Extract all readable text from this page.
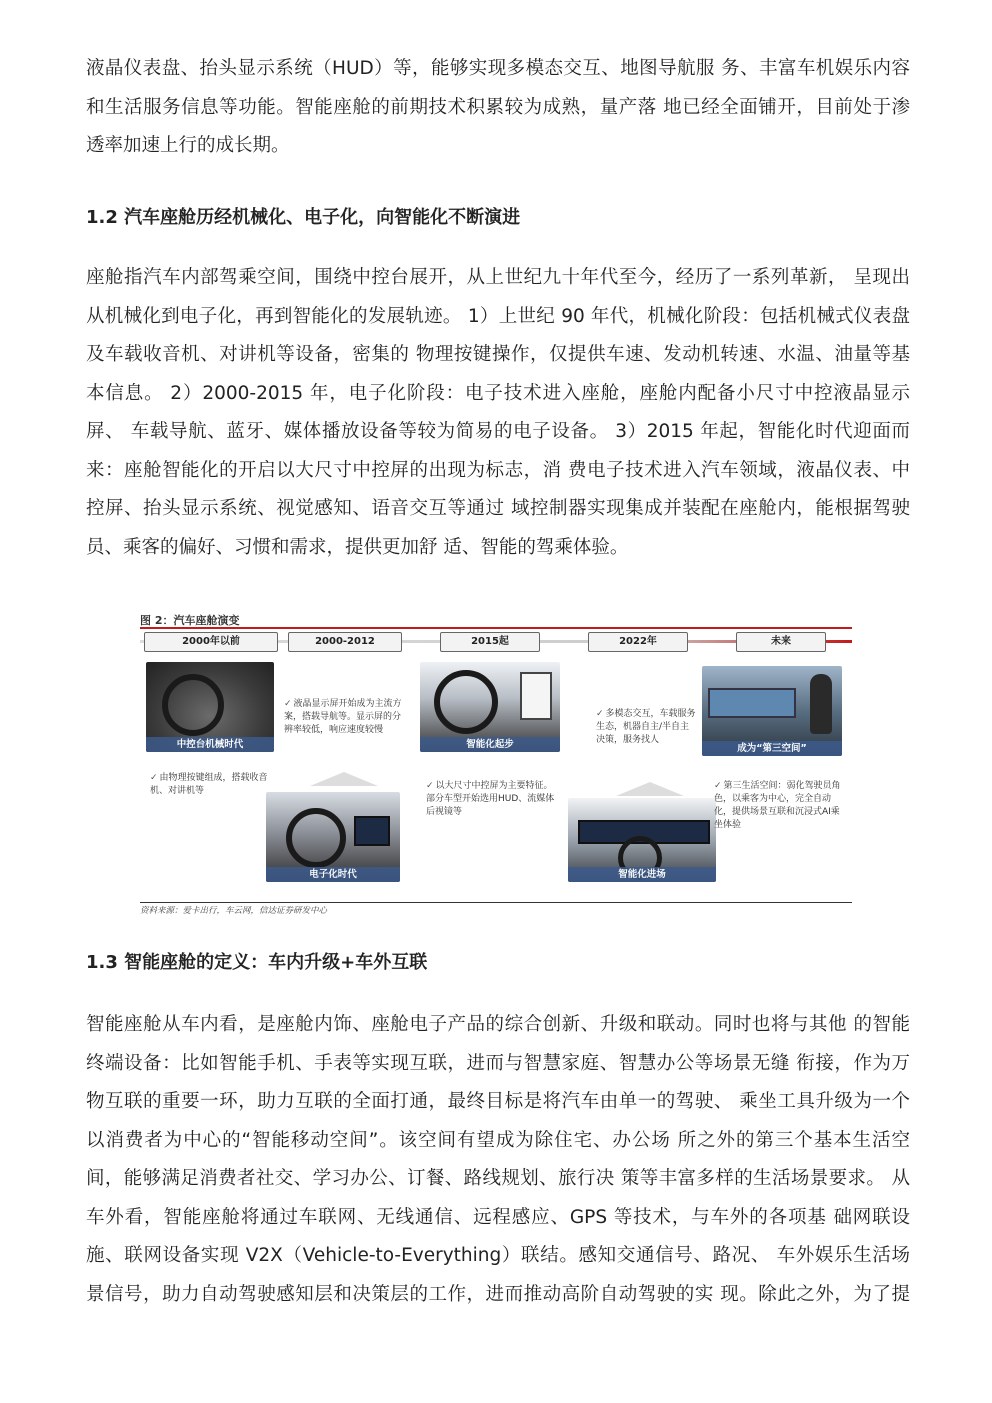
液晶仪表盘、抬头显示系统（HUD）等，能够实现多模态交互、地图导航服 务、丰富车机娱乐内容
和生活服务信息等功能。智能座舱的前期技术积累较为成熟，量产落 地已经全面铺开，目前处于渗
透率加速上行的成长期。
1.2 汽车座舱历经机械化、电子化，向智能化不断演进
座舱指汽车内部驾乘空间，围绕中控台展开，从上世纪九十年代至今，经历了一系列革新， 呈现出
从机械化到电子化，再到智能化的发展轨迹。 1）上世纪 90 年代，机械化阶段：包括机械式仪表盘
及车载收音机、对讲机等设备，密集的 物理按键操作，仅提供车速、发动机转速、水温、油量等基
本信息。 2）2000-2015 年，电子化阶段：电子技术进入座舱，座舱内配备小尺寸中控液晶显示
屏、 车载导航、蓝牙、媒体播放设备等较为简易的电子设备。 3）2015 年起，智能化时代迎面而
来：座舱智能化的开启以大尺寸中控屏的出现为标志，消 费电子技术进入汽车领域，液晶仪表、中
控屏、抬头显示系统、视觉感知、语音交互等通过 域控制器实现集成并装配在座舱内，能根据驾驶
员、乘客的偏好、习惯和需求，提供更加舒 适、智能的驾乘体验。
图 2：汽车座舱演变
2000年以前	2000-2012	2015起	2022年	未来
中控台机械时代
✓ 由物理按键组成，搭载收音机、对讲机等
✓ 液晶显示屏开始成为主流方案，搭载导航等。显示屏的分辨率较低，响应速度较慢
电子化时代
智能化起步
✓ 以大尺寸中控屏为主要特征。部分车型开始选用HUD、流媒体后视镜等
✓ 多模态交互，车载服务生态，机器自主/半自主决策，服务找人
智能化进场
成为“第三空间”
✓ 第三生活空间：弱化驾驶员角色，以乘客为中心，完全自动化，提供场景互联和沉浸式AI乘坐体验
资料来源：爱卡出行，车云网，信达证券研发中心
1.3 智能座舱的定义：车内升级+车外互联
智能座舱从车内看，是座舱内饰、座舱电子产品的综合创新、升级和联动。同时也将与其他 的智能
终端设备：比如智能手机、手表等实现互联，进而与智慧家庭、智慧办公等场景无缝 衔接，作为万
物互联的重要一环，助力互联的全面打通，最终目标是将汽车由单一的驾驶、 乘坐工具升级为一个
以消费者为中心的“智能移动空间”。该空间有望成为除住宅、办公场 所之外的第三个基本生活空
间，能够满足消费者社交、学习办公、订餐、路线规划、旅行决 策等丰富多样的生活场景要求。 从
车外看，智能座舱将通过车联网、无线通信、远程感应、GPS 等技术，与车外的各项基 础网联设
施、联网设备实现 V2X（Vehicle-to-Everything）联结。感知交通信号、路况、 车外娱乐生活场
景信号，助力自动驾驶感知层和决策层的工作，进而推动高阶自动驾驶的实 现。除此之外，为了提
